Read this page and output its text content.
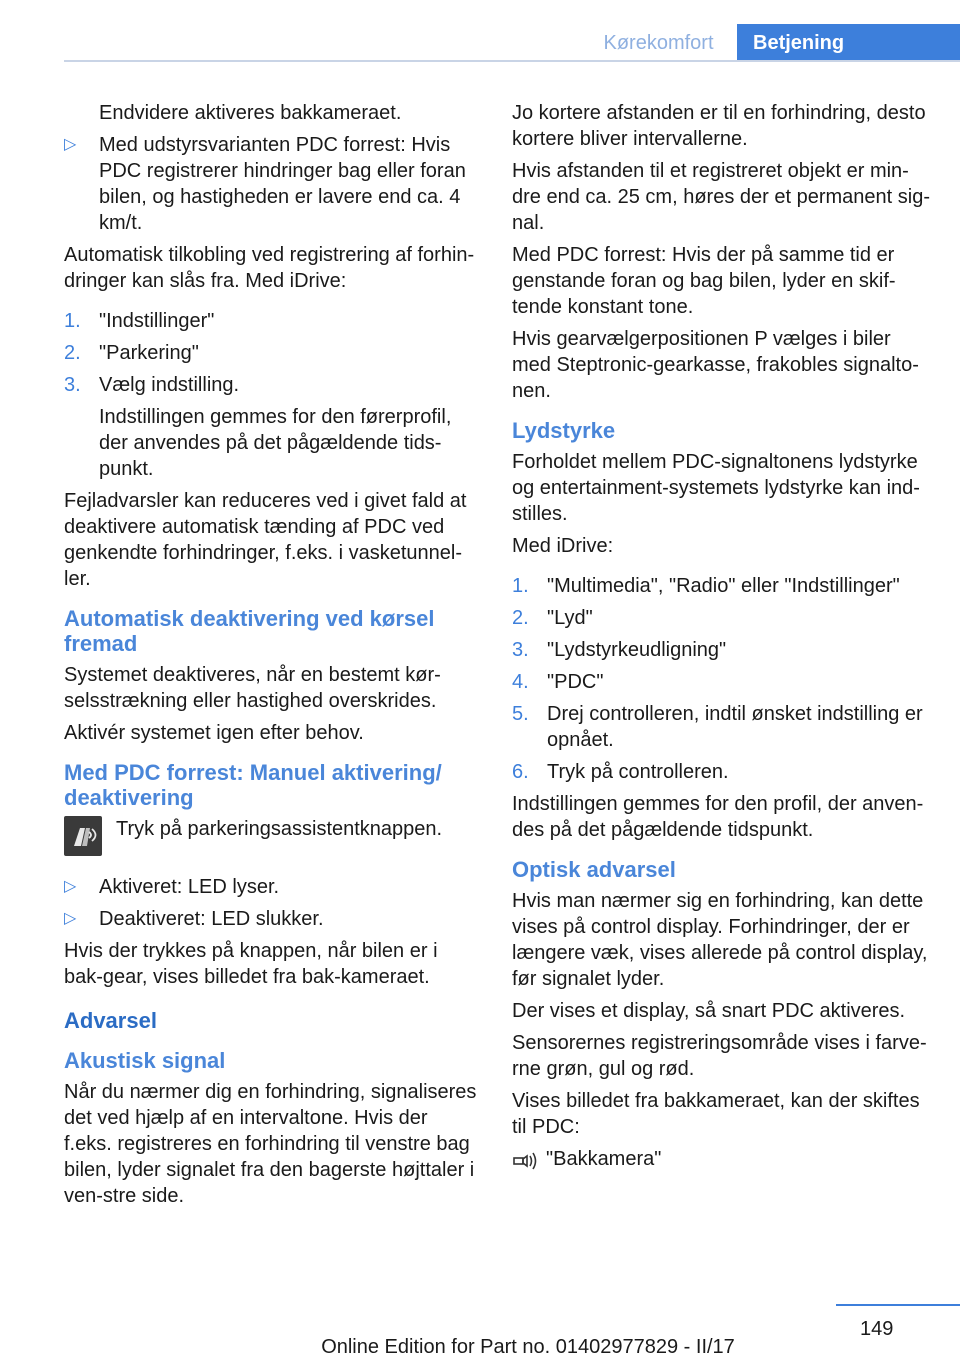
Kørekomfort	Betjening

Endvidere aktiveres bakkameraet.

▷ Med udstyrsvarianten PDC forrest: Hvis PDC registrerer hindringer bag eller foran bilen, og hastigheden er lavere end ca. 4 km/t.

Automatisk tilkobling ved registrering af forhin-dringer kan slås fra. Med iDrive:

1. "Indstillinger"
2. "Parkering"
3. Vælg indstilling.

Indstillingen gemmes for den førerprofil, der anvendes på det pågældende tids-punkt.

Fejladvarsler kan reduceres ved i givet fald at deaktivere automatisk tænding af PDC ved genkendte forhindringer, f.eks. i vasketunnel-ler.

Automatisk deaktivering ved kørsel fremad

Systemet deaktiveres, når en bestemt kør-selsstrækning eller hastighed overskrides.

Aktivér systemet igen efter behov.

Med PDC forrest: Manuel aktivering/ deaktivering
Tryk på parkeringsassistentknappen.
▷ Aktiveret: LED lyser.
▷ Deaktiveret: LED slukker.

Hvis der trykkes på knappen, når bilen er i bak-gear, vises billedet fra bak-kameraet.

Advarsel
Akustisk signal

Når du nærmer dig en forhindring, signaliseres det ved hjælp af en intervaltone. Hvis der f.eks. registreres en forhindring til venstre bag bilen, lyder signalet fra den bagerste højttaler i ven-stre side.

Jo kortere afstanden er til en forhindring, desto kortere bliver intervallerne.

Hvis afstanden til et registreret objekt er min-dre end ca. 25 cm, høres der et permanent sig-nal.

Med PDC forrest: Hvis der på samme tid er genstande foran og bag bilen, lyder en skif-tende konstant tone.

Hvis gearvælgerpositionen P vælges i biler med Steptronic-gearkasse, frakobles signalto-nen.

Lydstyrke

Forholdet mellem PDC-signaltonens lydstyrke og entertainment-systemets lydstyrke kan ind-stilles.

Med iDrive:

1. "Multimedia", "Radio" eller "Indstillinger"
2. "Lyd"
3. "Lydstyrkeudligning"
4. "PDC"
5. Drej controlleren, indtil ønsket indstilling er opnået.
6. Tryk på controlleren.

Indstillingen gemmes for den profil, der anven-des på det pågældende tidspunkt.

Optisk advarsel

Hvis man nærmer sig en forhindring, kan dette vises på control display. Forhindringer, der er længere væk, vises allerede på control display, før signalet lyder.

Der vises et display, så snart PDC aktiveres.

Sensorernes registreringsområde vises i farve-rne grøn, gul og rød.

Vises billedet fra bakkameraet, kan der skiftes til PDC:

"Bakkamera"
149
Online Edition for Part no. 01402977829 - II/17
